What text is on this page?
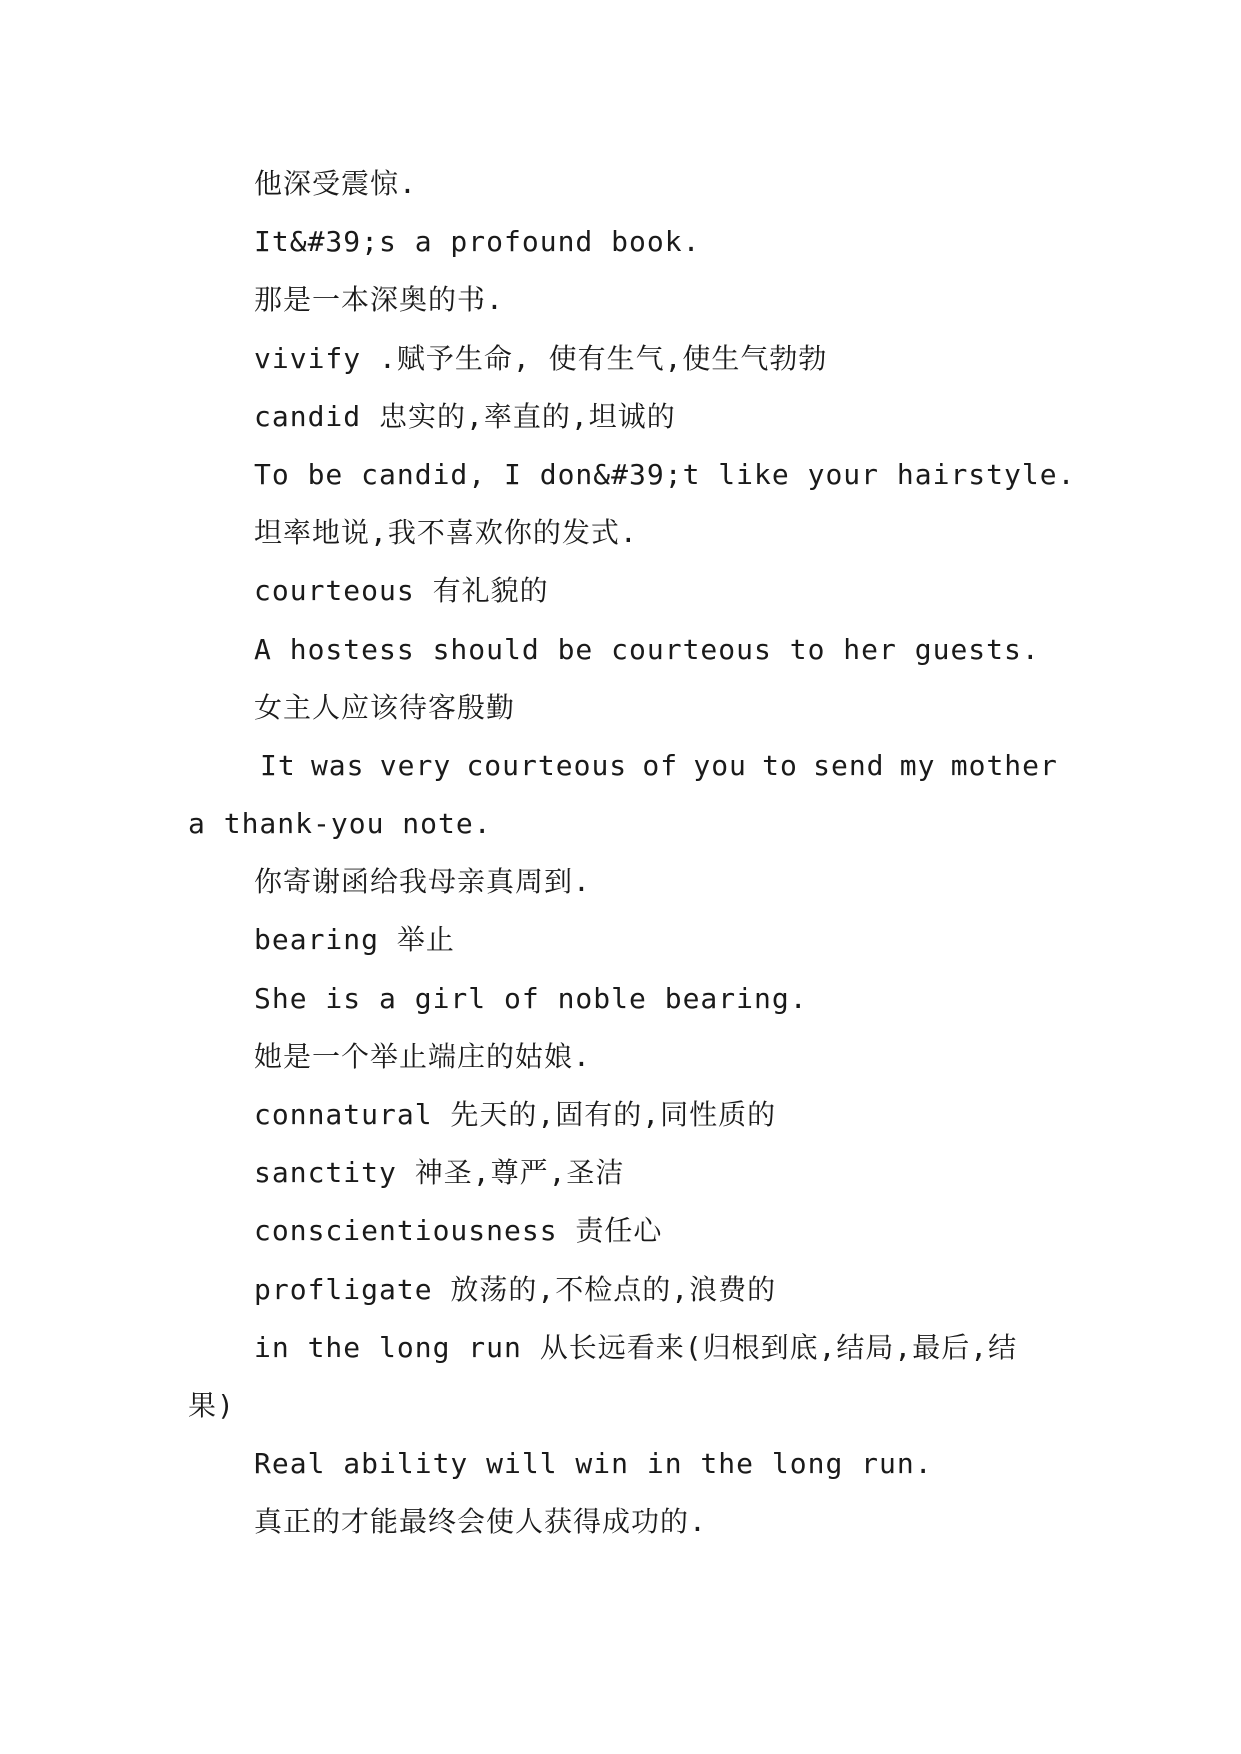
他深受震惊.
It&#39;s a profound book.
那是一本深奥的书.
vivify .赋予生命, 使有生气,使生气勃勃
candid 忠实的,率直的,坦诚的
To be candid, I don&#39;t like your hairstyle.
坦率地说,我不喜欢你的发式.
courteous 有礼貌的
A hostess should be courteous to her guests.
女主人应该待客殷勤
It was very courteous of you to send my mother
a thank-you note.
你寄谢函给我母亲真周到.
bearing 举止
She is a girl of noble bearing.
她是一个举止端庄的姑娘.
connatural 先天的,固有的,同性质的
sanctity 神圣,尊严,圣洁
conscientiousness 责任心
profligate 放荡的,不检点的,浪费的
in the long run 从长远看来(归根到底,结局,最后,结
果)
Real ability will win in the long run.
真正的才能最终会使人获得成功的.
